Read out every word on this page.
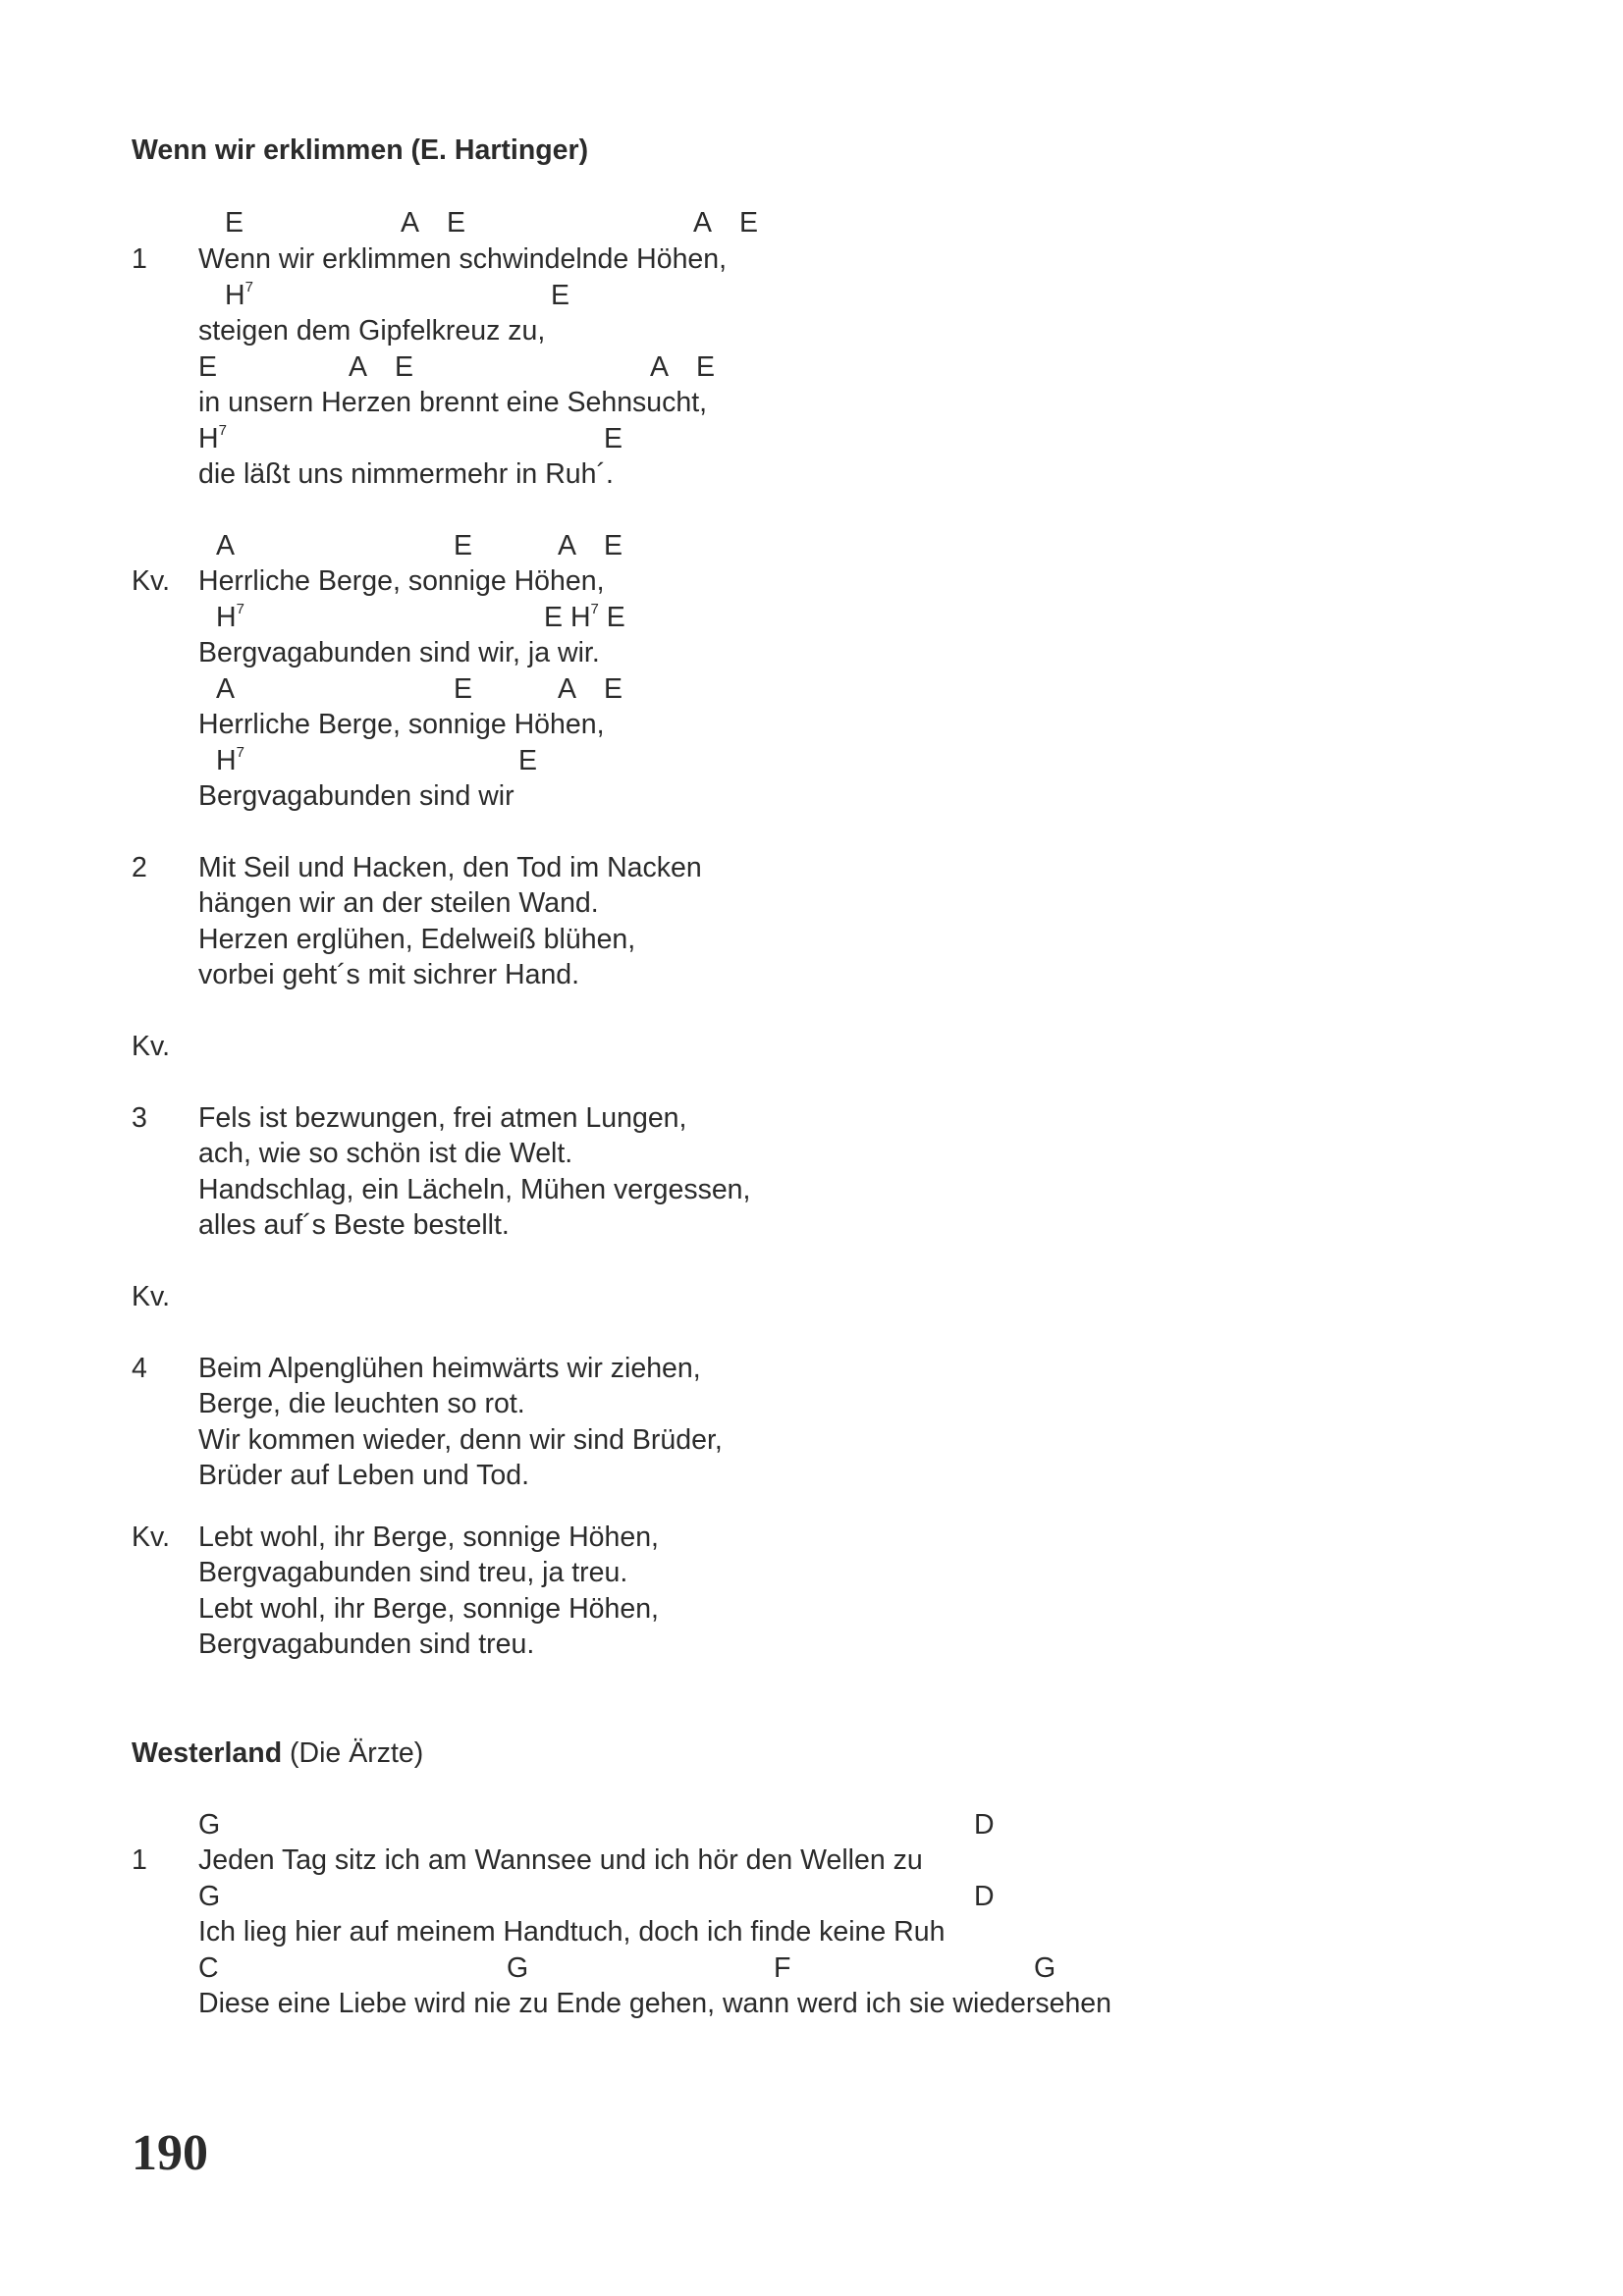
Wenn wir erklimmen (E. Hartinger)
E	A E	A E
1 Wenn wir erklimmen schwindelnde Höhen,
$H^7$	E
steigen dem Gipfelkreuz zu,
E	A E	A E
in unsern Herzen brennt eine Sehnsucht,
$H^7$	E
die läßt uns nimmermehr in Ruh´.
A	E	A E
Kv. Herrliche Berge, sonnige Höhen,
$H^7$	E $H^7$ E
Bergvagabunden sind wir, ja wir.
A	E	A E
Herrliche Berge, sonnige Höhen,
$H^7$	E
Bergvagabunden sind wir
2 Mit Seil und Hacken, den Tod im Nacken
hängen wir an der steilen Wand.
Herzen erglühen, Edelweiß blühen,
vorbei geht´s mit sichrer Hand.
Kv.
3 Fels ist bezwungen, frei atmen Lungen,
ach, wie so schön ist die Welt.
Handschlag, ein Lächeln, Mühen vergessen,
alles auf´s Beste bestellt.
Kv.
4 Beim Alpenglühen heimwärts wir ziehen,
Berge, die leuchten so rot.
Wir kommen wieder, denn wir sind Brüder,
Brüder auf Leben und Tod.
Kv. Lebt wohl, ihr Berge, sonnige Höhen,
Bergvagabunden sind treu, ja treu.
Lebt wohl, ihr Berge, sonnige Höhen,
Bergvagabunden sind treu.
Westerland (Die Ärzte)
G	D
1 Jeden Tag sitz ich am Wannsee und ich hör den Wellen zu
G	D
Ich lieg hier auf meinem Handtuch, doch ich finde keine Ruh
C	G	F	G
Diese eine Liebe wird nie zu Ende gehen, wann werd ich sie wiedersehen
190
